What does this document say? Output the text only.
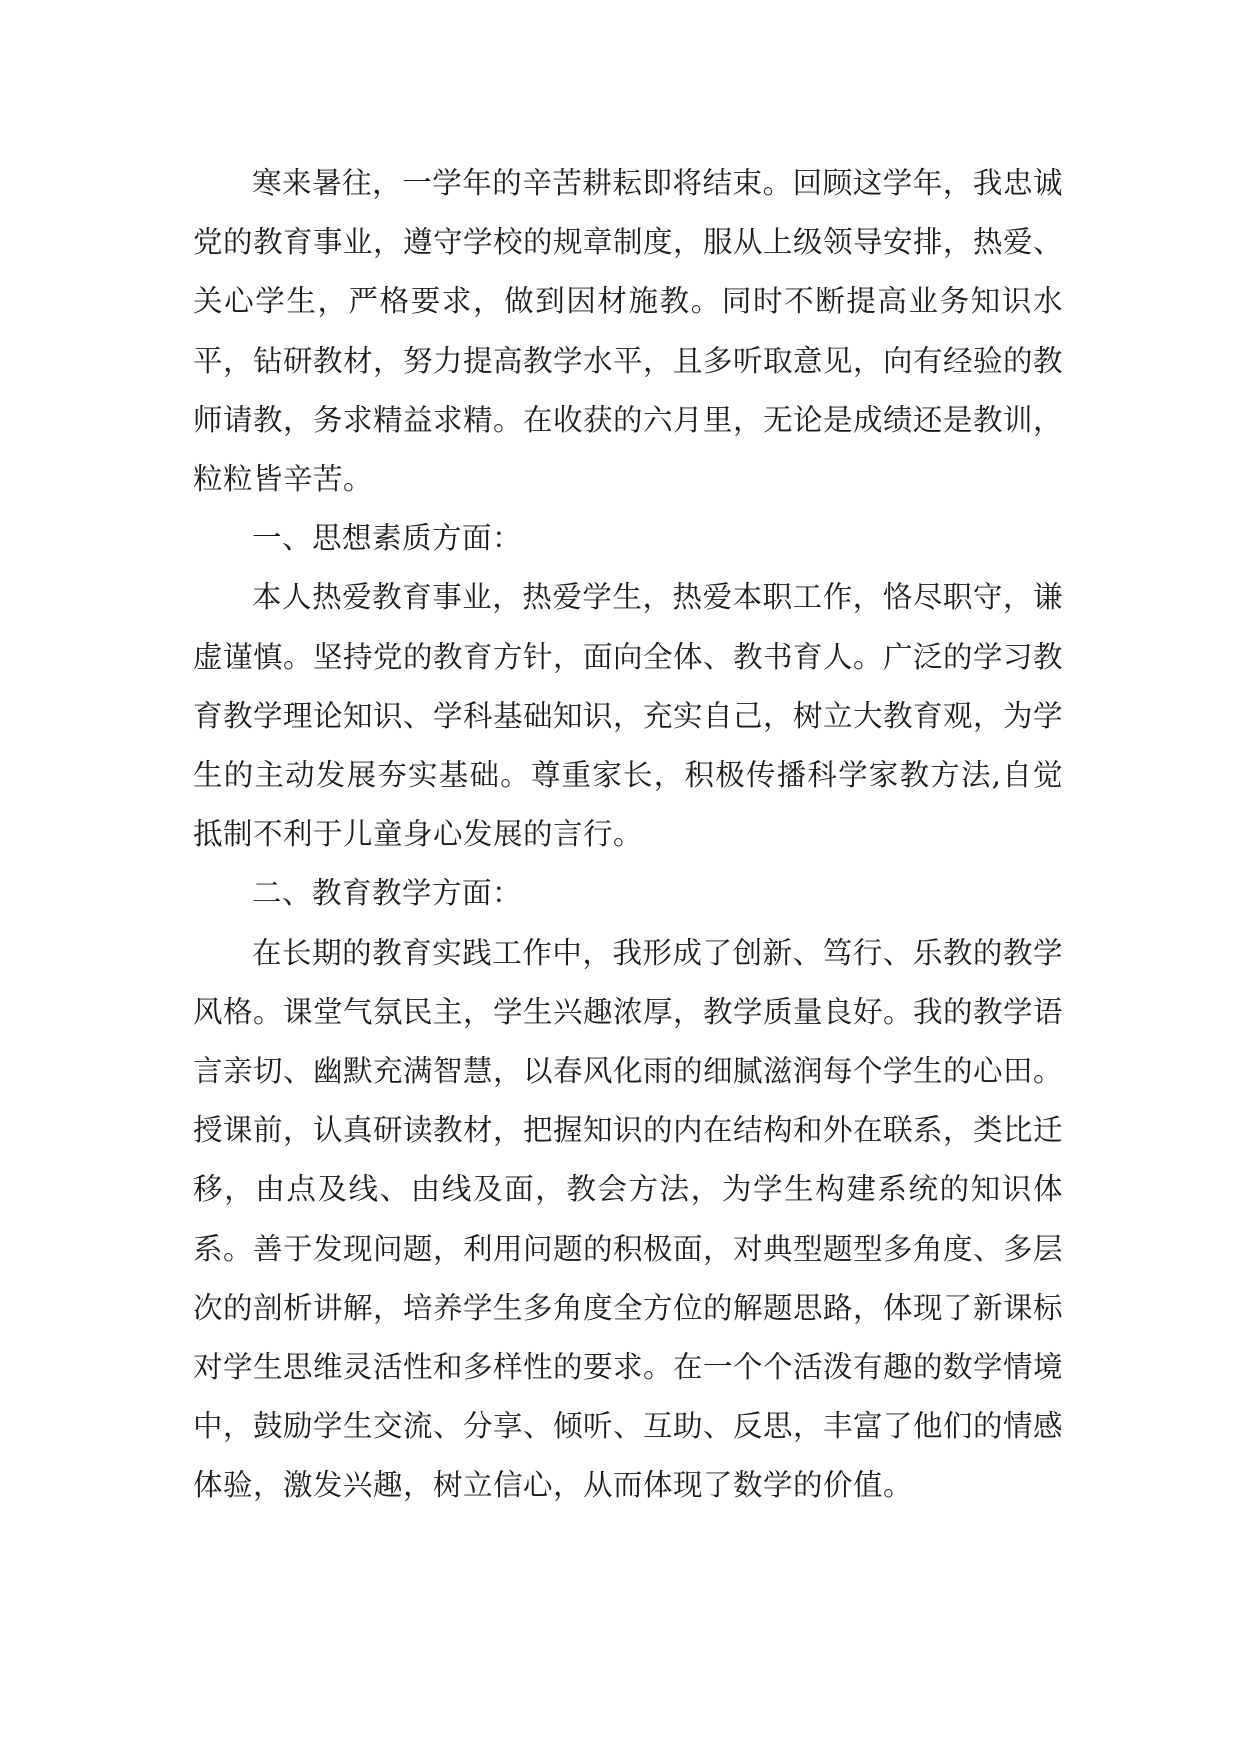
寒来暑往，一学年的辛苦耕耘即将结束。回顾这学年，我忠诚党的教育事业，遵守学校的规章制度，服从上级领导安排，热爱、关心学生，严格要求，做到因材施教。同时不断提高业务知识水平，钻研教材，努力提高教学水平，且多听取意见，向有经验的教师请教，务求精益求精。在收获的六月里，无论是成绩还是教训，粒粒皆辛苦。

一、思想素质方面：

本人热爱教育事业，热爱学生，热爱本职工作，恪尽职守，谦虚谨慎。坚持党的教育方针，面向全体、教书育人。广泛的学习教育教学理论知识、学科基础知识，充实自己，树立大教育观，为学生的主动发展夯实基础。尊重家长，积极传播科学家教方法,自觉抵制不利于儿童身心发展的言行。

二、教育教学方面：

在长期的教育实践工作中，我形成了创新、笃行、乐教的教学风格。课堂气氛民主，学生兴趣浓厚，教学质量良好。我的教学语言亲切、幽默充满智慧，以春风化雨的细腻滋润每个学生的心田。授课前，认真研读教材，把握知识的内在结构和外在联系，类比迁移，由点及线、由线及面，教会方法，为学生构建系统的知识体系。善于发现问题，利用问题的积极面，对典型题型多角度、多层次的剖析讲解，培养学生多角度全方位的解题思路，体现了新课标对学生思维灵活性和多样性的要求。在一个个活泼有趣的数学情境中，鼓励学生交流、分享、倾听、互助、反思，丰富了他们的情感体验，激发兴趣，树立信心，从而体现了数学的价值。
